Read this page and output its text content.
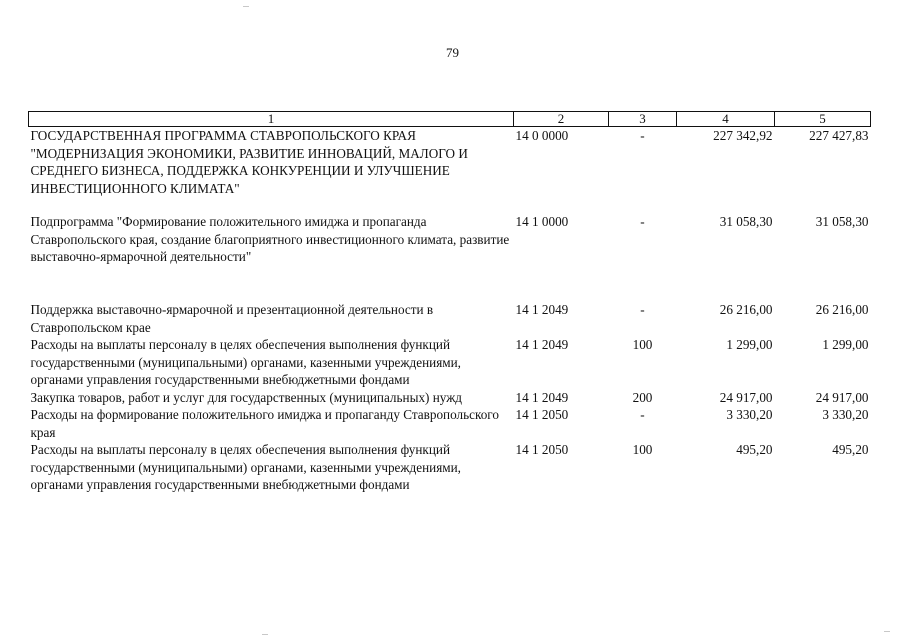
79
1	2	3	4	5
ГОСУДАРСТВЕННАЯ ПРОГРАММА СТАВРОПОЛЬСКОГО КРАЯ "МОДЕРНИЗАЦИЯ ЭКОНОМИКИ, РАЗВИТИЕ ИННОВАЦИЙ, МАЛОГО И СРЕДНЕГО БИЗНЕСА, ПОДДЕРЖКА КОНКУРЕНЦИИ И УЛУЧШЕНИЕ ИНВЕСТИЦИОННОГО КЛИМАТА"	14 0 0000	-	227 342,92	227 427,83
Подпрограмма "Формирование положительного имиджа и пропаганда Ставропольского края, создание благоприятного инвестиционного климата, развитие выставочно-ярмарочной деятельности"	14 1 0000	-	31 058,30	31 058,30
Поддержка выставочно-ярмарочной и презентационной деятельности в Ставропольском крае	14 1 2049	-	26 216,00	26 216,00
Расходы на выплаты персоналу в целях обеспечения выполнения функций государственными (муниципальными) органами, казенными учреждениями, органами управления государственными внебюджетными фондами	14 1 2049	100	1 299,00	1 299,00
Закупка товаров, работ и услуг для государственных (муниципальных) нужд	14 1 2049	200	24 917,00	24 917,00
Расходы на формирование положительного имиджа и пропаганду Ставропольского края	14 1 2050	-	3 330,20	3 330,20
Расходы на выплаты персоналу в целях обеспечения выполнения функций государственными (муниципальными) органами, казенными учреждениями, органами управления государственными внебюджетными фондами	14 1 2050	100	495,20	495,20
